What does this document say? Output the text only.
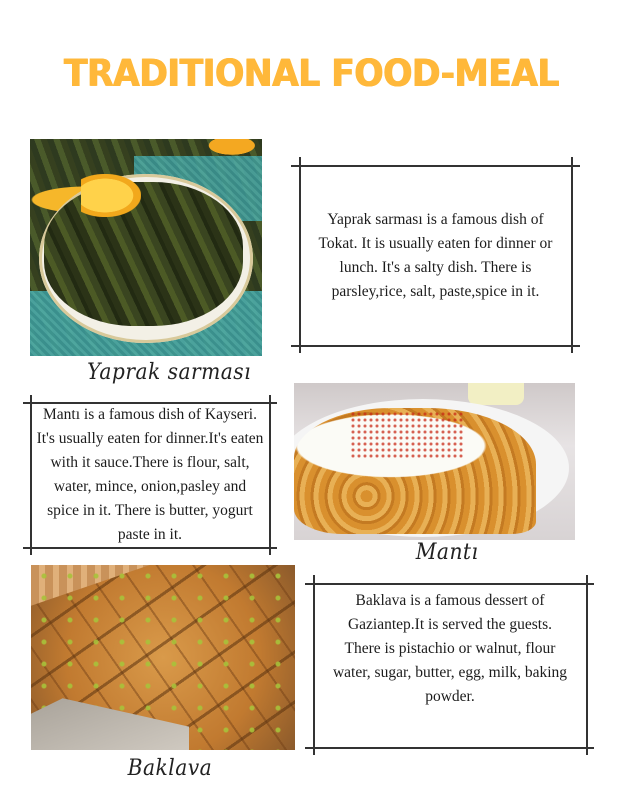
TRADITIONAL FOOD-MEAL
Yaprak sarması
Yaprak sarması is a famous dish of
Tokat. It is usually eaten for dinner or
lunch. It's a salty dish. There is
parsley,rice, salt, paste,spice in it.
Mantı is a famous dish of Kayseri.
It's usually eaten for dinner.It's eaten
with it sauce.There is flour, salt,
water, mince, onion,pasley and
spice in it. There is butter, yogurt
paste in it.
Mantı
Baklava
Baklava is a famous dessert of
Gaziantep.It is served the guests.
There is pistachio or walnut, flour
water, sugar, butter, egg, milk, baking
powder.
